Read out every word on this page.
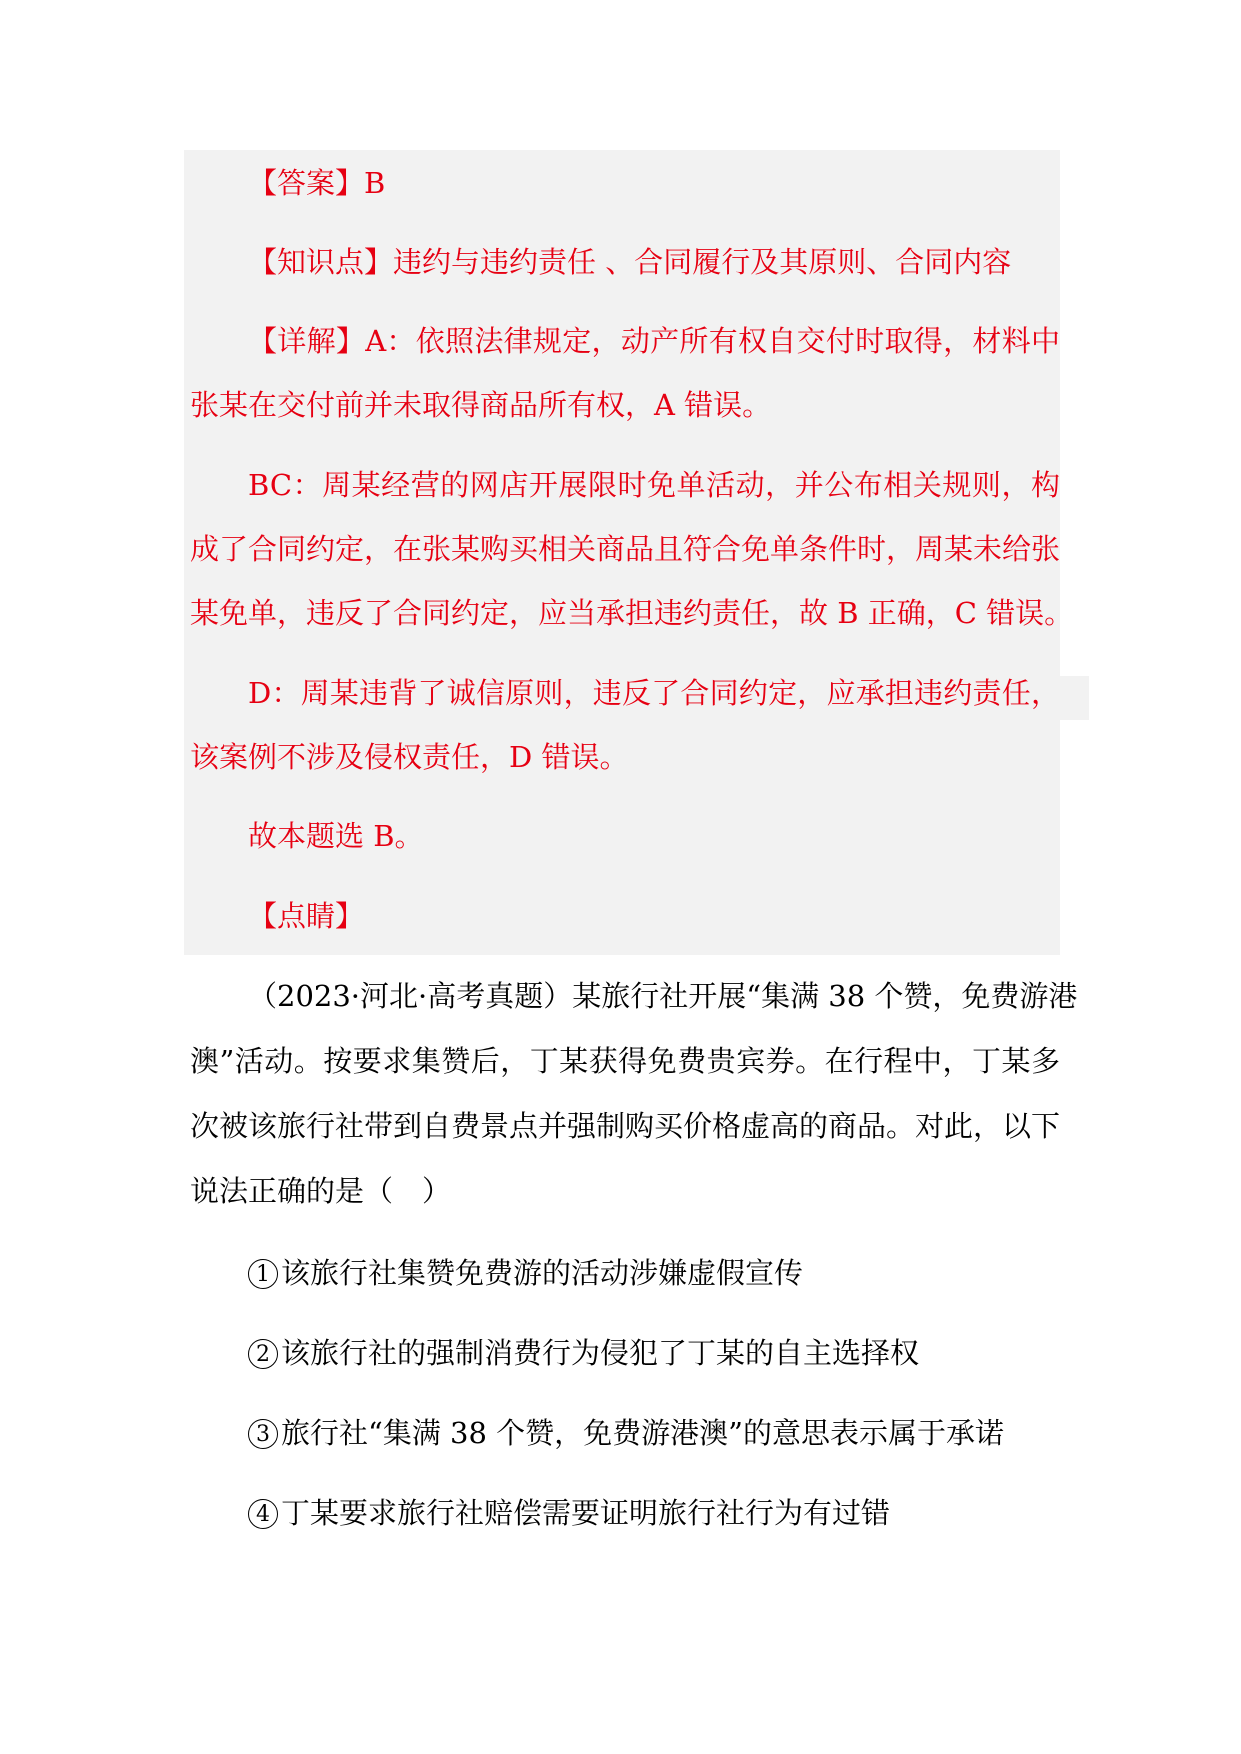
【答案】B

【知识点】违约与违约责任 、合同履行及其原则、合同内容

【详解】A：依照法律规定，动产所有权自交付时取得，材料中

张某在交付前并未取得商品所有权，A 错误。

BC：周某经营的网店开展限时免单活动，并公布相关规则，构

成了合同约定，在张某购买相关商品且符合免单条件时，周某未给张

某免单，违反了合同约定，应当承担违约责任，故 B 正确，C 错误。

D：周某违背了诚信原则，违反了合同约定，应承担违约责任，

该案例不涉及侵权责任，D 错误。

故本题选 B。

【点睛】

（2023·河北·高考真题）某旅行社开展“集满 38 个赞，免费游港

澳”活动。按要求集赞后，丁某获得免费贵宾券。在行程中，丁某多

次被该旅行社带到自费景点并强制购买价格虚高的商品。对此，以下

说法正确的是（　）

1 该旅行社集赞免费游的活动涉嫌虚假宣传

2 该旅行社的强制消费行为侵犯了丁某的自主选择权

3 旅行社“集满 38 个赞，免费游港澳”的意思表示属于承诺

4 丁某要求旅行社赔偿需要证明旅行社行为有过错
